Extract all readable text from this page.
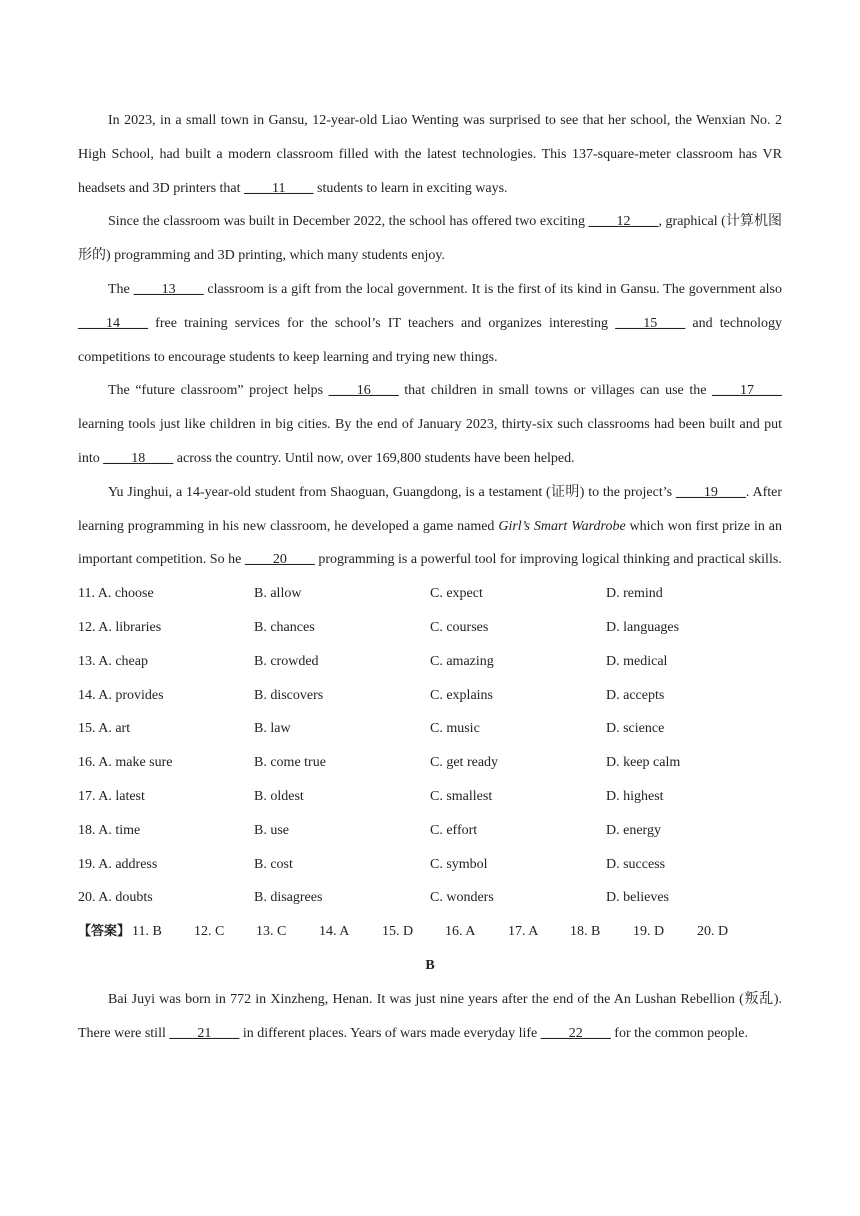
In 2023, in a small town in Gansu, 12-year-old Liao Wenting was surprised to see that her school, the Wenxian No. 2 High School, had built a modern classroom filled with the latest technologies. This 137-square-meter classroom has VR headsets and 3D printers that ____11____ students to learn in exciting ways.

Since the classroom was built in December 2022, the school has offered two exciting ____12____, graphical (计算机图形的) programming and 3D printing, which many students enjoy.

The ____13____ classroom is a gift from the local government. It is the first of its kind in Gansu. The government also ____14____ free training services for the school’s IT teachers and organizes interesting ____15____ and technology competitions to encourage students to keep learning and trying new things.

The “future classroom” project helps ____16____ that children in small towns or villages can use the ____17____ learning tools just like children in big cities. By the end of January 2023, thirty-six such classrooms had been built and put into ____18____ across the country. Until now, over 169,800 students have been helped.

Yu Jinghui, a 14-year-old student from Shaoguan, Guangdong, is a testament (证明) to the project’s ____19____. After learning programming in his new classroom, he developed a game named Girl’s Smart Wardrobe which won first prize in an important competition. So he ____20____ programming is a powerful tool for improving logical thinking and practical skills.

11. A. choose	B. allow	C. expect	D. remind
12. A. libraries	B. chances	C. courses	D. languages
13. A. cheap	B. crowded	C. amazing	D. medical
14. A. provides	B. discovers	C. explains	D. accepts
15. A. art	B. law	C. music	D. science
16. A. make sure	B. come true	C. get ready	D. keep calm
17. A. latest	B. oldest	C. smallest	D. highest
18. A. time	B. use	C. effort	D. energy
19. A. address	B. cost	C. symbol	D. success
20. A. doubts	B. disagrees	C. wonders	D. believes
【答案】 11. B	12. C	13. C	14. A	15. D	16. A	17. A	18. B	19. D	20. D
B

Bai Juyi was born in 772 in Xinzheng, Henan. It was just nine years after the end of the An Lushan Rebellion (叛乱). There were still ____21____ in different places. Years of wars made everyday life ____22____ for the common people.
